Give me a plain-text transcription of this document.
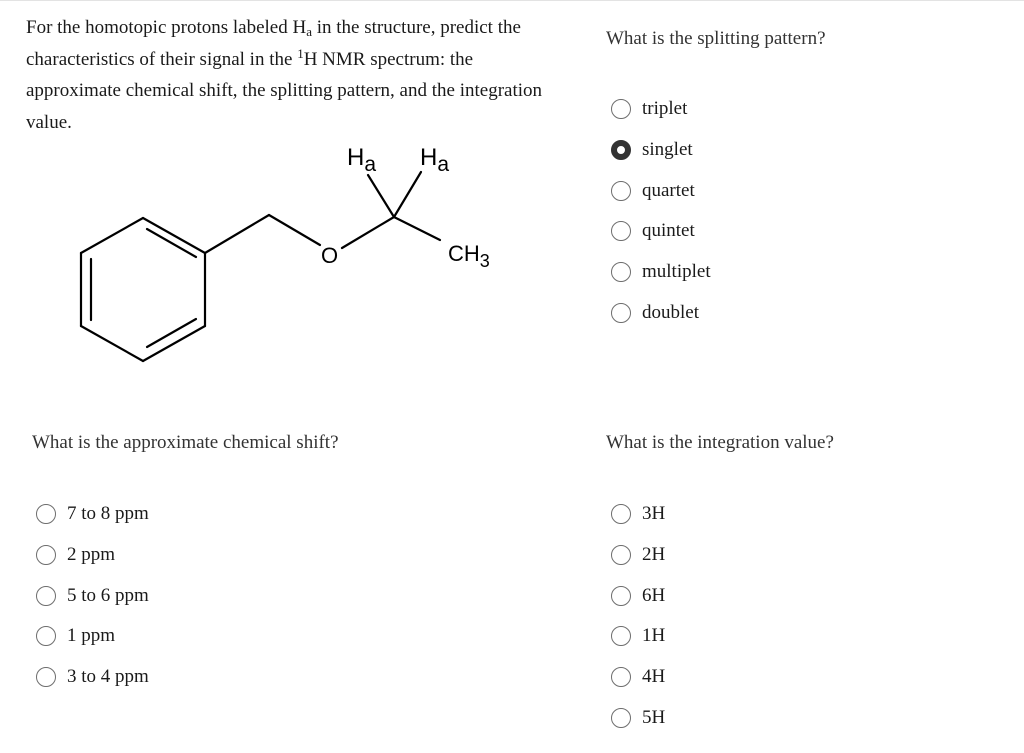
For the homotopic protons labeled $H_a$ in the structure, predict the characteristics of their signal in the $^1$H NMR spectrum: the approximate chemical shift, the splitting pattern, and the integration value.

Ha Ha
O	$CH_3$

What is the splitting pattern?

triplet
singlet
quartet
quintet
multiplet
doublet

What is the approximate chemical shift?

7 to 8 ppm
2 ppm
5 to 6 ppm
1 ppm
3 to 4 ppm

What is the integration value?

3H
2H
6H
1H
4H
5H
